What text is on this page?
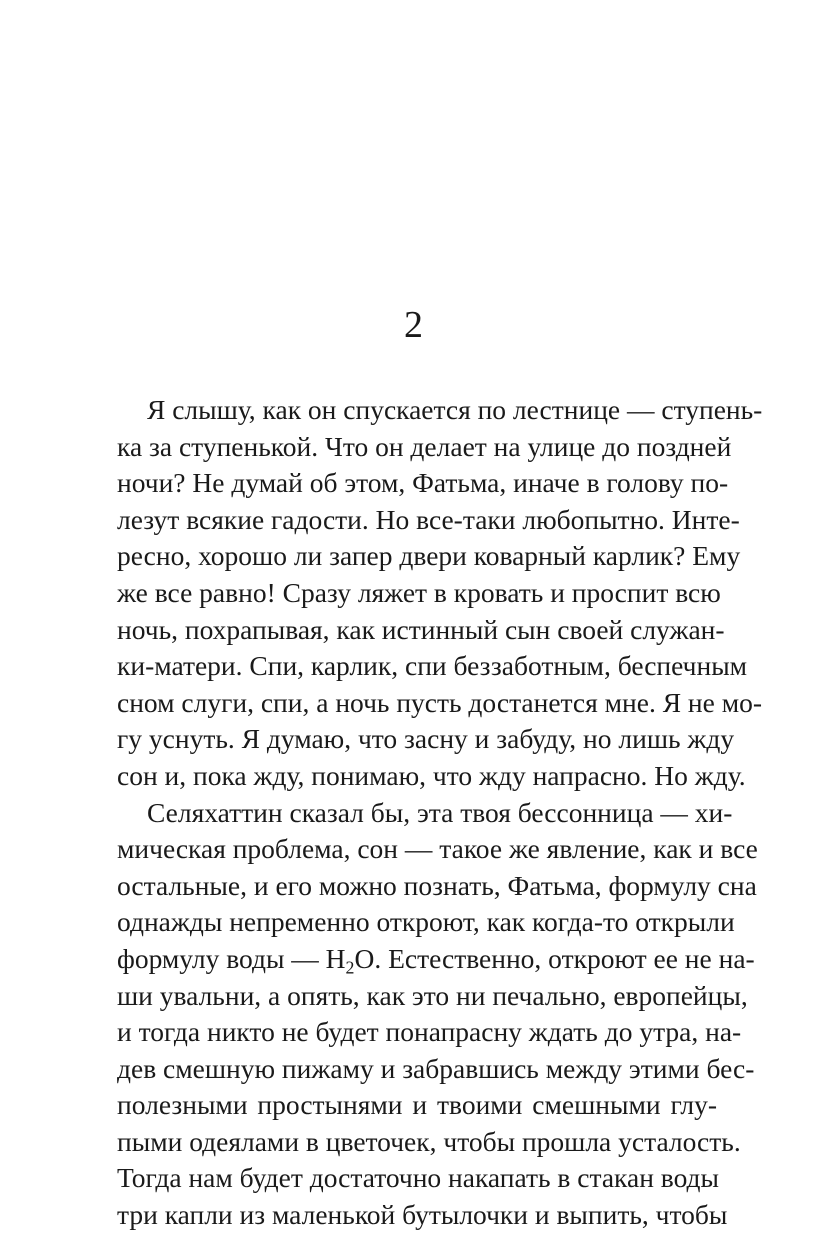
2
Я слышу, как он спускается по лестнице — ступень-
ка за ступенькой. Что он делает на улице до поздней
ночи? Не думай об этом, Фатьма, иначе в голову по-
лезут всякие гадости. Но все-таки любопытно. Инте-
ресно, хорошо ли запер двери коварный карлик? Ему
же все равно! Сразу ляжет в кровать и проспит всю
ночь, похрапывая, как истинный сын своей служан-
ки-матери. Спи, карлик, спи беззаботным, беспечным
сном слуги, спи, а ночь пусть достанется мне. Я не мо-
гу уснуть. Я думаю, что засну и забуду, но лишь жду
сон и, пока жду, понимаю, что жду напрасно. Но жду.
Селяхаттин сказал бы, эта твоя бессонница — хи-
мическая проблема, сон — такое же явление, как и все
остальные, и его можно познать, Фатьма, формулу сна
однажды непременно откроют, как когда-то открыли
формулу воды — $H_2O$. Естественно, откроют ее не на-
ши увальни, а опять, как это ни печально, европейцы,
и тогда никто не будет понапрасну ждать до утра, на-
дев смешную пижаму и забравшись между этими бес-
полезными простынями и твоими смешными глу-
пыми одеялами в цветочек, чтобы прошла усталость.
Тогда нам будет достаточно накапать в стакан воды
три капли из маленькой бутылочки и выпить, чтобы
